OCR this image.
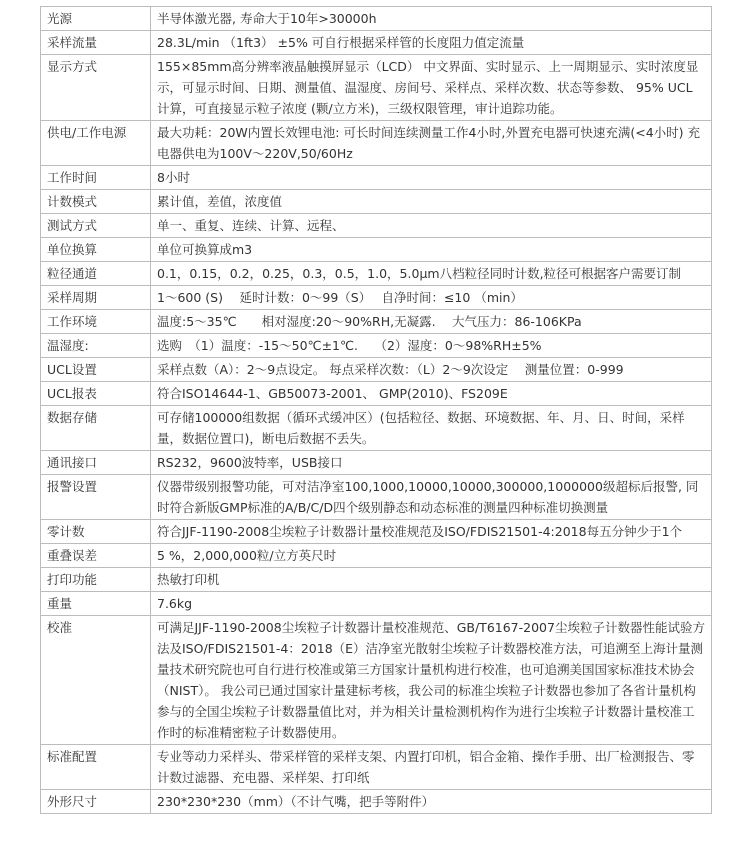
光源	半导体激光器, 寿命大于10年>30000h
采样流量	28.3L/min （1ft3） ±5% 可自行根据采样管的长度阻力值定流量
显示方式	155×85mm高分辨率液晶触摸屏显示（LCD） 中文界面、实时显示、上一周期显示、实时浓度显示，可显示时间、日期、测量值、温湿度、房间号、采样点、采样次数、状态等参数、 95% UCL计算，可直接显示粒子浓度 (颗/立方米)，三级权限管理，审计追踪功能。
供电/工作电源	最大功耗：20W内置长效锂电池: 可长时间连续测量工作4小时,外置充电器可快速充满(<4小时) 充电器供电为100V～220V,50/60Hz
工作时间	8小时
计数模式	累计值，差值，浓度值
测试方式	单一、重复、连续、计算、远程、
单位换算	单位可换算成m3
粒径通道	0.1，0.15，0.2，0.25，0.3，0.5，1.0，5.0μm八档粒径同时计数,粒径可根据客户需要订制
采样周期	1～600 (S)　 延时计数：0～99（S）　 自净时间：≤10 （min）
工作环境	温度:5～35℃　　相对湿度:20～90%RH,无凝露.　 大气压力：86-106KPa
温湿度:	选购　（1）温度：-15～50℃±1℃.　 （2）湿度：0～98%RH±5%
UCL设置	采样点数（A）：2～9点设定。 每点采样次数：（L）2～9次设定　 测量位置：0-999
UCL报表	符合ISO14644-1、GB50073-2001、 GMP(2010)、FS209E
数据存储	可存储100000组数据（循环式缓冲区）(包括粒径、数据、环境数据、年、月、日、时间，采样量，数据位置口)，断电后数据不丢失。
通讯接口	RS232，9600波特率，USB接口
报警设置	仪器带级别报警功能，可对洁净室100,1000,10000,10000,300000,1000000级超标后报警, 同时符合新版GMP标准的A/B/C/D四个级别静态和动态标准的测量四种标准切换测量
零计数	符合JJF-1190-2008尘埃粒子计数器计量校准规范及ISO/FDIS21501-4:2018每五分钟少于1个
重叠误差	5 %，2,000,000粒/立方英尺时
打印功能	热敏打印机
重量	7.6kg
校准	可满足JJF-1190-2008尘埃粒子计数器计量校准规范、GB/T6167-2007尘埃粒子计数器性能试验方法及ISO/FDIS21501-4：2018（E）洁净室光散射尘埃粒子计数器校准方法，可追溯至上海计量测量技术研究院也可自行进行校准或第三方国家计量机构进行校准，也可追溯美国国家标准技术协会（NIST）。 我公司已通过国家计量建标考核，我公司的标准尘埃粒子计数器也参加了各省计量机构参与的全国尘埃粒子计数器量值比对，并为相关计量检测机构作为进行尘埃粒子计数器计量校准工作时的标准精密粒子计数器使用。
标准配置	专业等动力采样头、带采样管的采样支架、内置打印机，铝合金箱、操作手册、出厂检测报告、零计数过滤器、充电器、采样架、打印纸
外形尺寸	230*230*230（mm）（不计气嘴，把手等附件）
